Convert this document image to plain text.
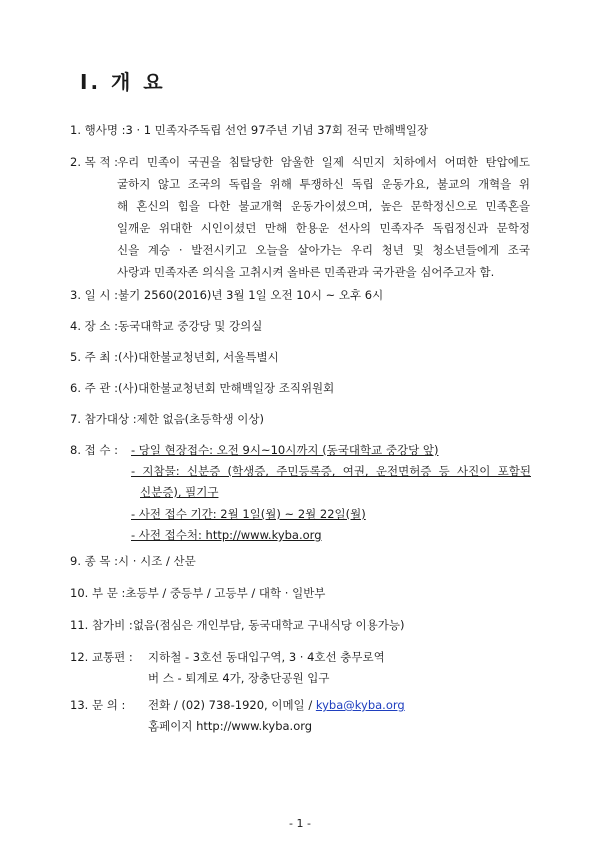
Ⅰ. 개 요
1. 행사명 : 3 · 1 민족자주독립 선언 97주년 기념 37회 전국 만해백일장
2. 목 적 :
우리 민족이 국권을 침탈당한 암울한 일제 식민지 치하에서 어떠한 탄압에도
굴하지 않고 조국의 독립을 위해 투쟁하신 독립 운동가요, 불교의 개혁을 위
해 혼신의 힘을 다한 불교개혁 운동가이셨으며, 높은 문학정신으로 민족혼을
일깨운 위대한 시인이셨던 만해 한용운 선사의 민족자주 독립정신과 문학정
신을 계승 · 발전시키고 오늘을 살아가는 우리 청년 및 청소년들에게 조국
사랑과 민족자존 의식을 고취시켜 올바른 민족관과 국가관을 심어주고자 함.
3. 일 시 : 불기 2560(2016)년 3월 1일 오전 10시 ~ 오후 6시
4. 장 소 : 동국대학교 중강당 및 강의실
5. 주 최 : (사)대한불교청년회, 서울특별시
6. 주 관 : (사)대한불교청년회 만해백일장 조직위원회
7. 참가대상 : 제한 없음(초등학생 이상)
8. 접 수 :	- 당일 현장접수: 오전 9시~10시까지 (동국대학교 중강당 앞)
- 지참물: 신분증 (학생증, 주민등록증, 여권, 운전면허증 등 사진이 포함된
신분증), 필기구
- 사전 접수 기간: 2월 1일(월) ~ 2월 22일(월)
- 사전 접수처: http://www.kyba.org
9. 종 목 : 시 · 시조 / 산문
10. 부 문 : 초등부 / 중등부 / 고등부 / 대학 · 일반부
11. 참가비 : 없음(점심은 개인부담, 동국대학교 구내식당 이용가능)
12. 교통편 :	지하철 - 3호선 동대입구역, 3 · 4호선 충무로역
버 스 - 퇴계로 4가, 장충단공원 입구
13. 문 의 :	전화 / (02) 738-1920, 이메일 / kyba@kyba.org
홈페이지 http://www.kyba.org
- 1 -
